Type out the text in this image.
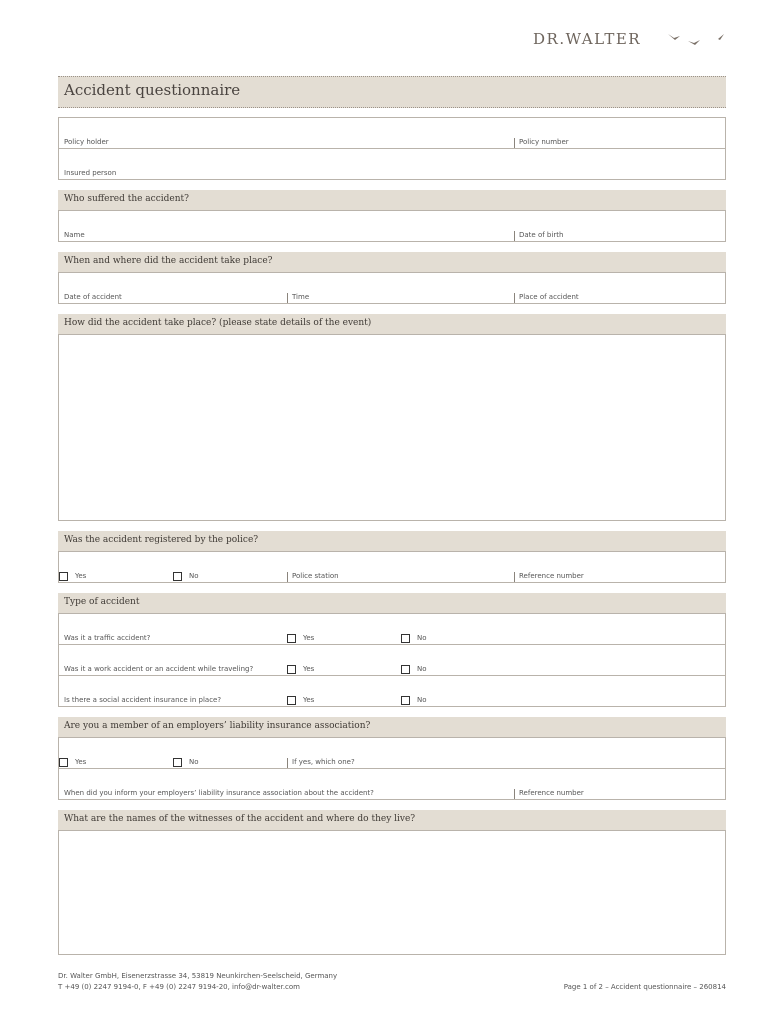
DR.WALTER
Accident questionnaire
Policy holder	Policy number
Insured person
Who suffered the accident?
Name	Date of birth
When and where did the accident take place?
Date of accident	Time	Place of accident
How did the accident take place? (please state details of the event)
Was the accident registered by the police?
Yes	No	Police station	Reference number
Type of accident
Was it a traffic accident?	Yes	No
Was it a work accident or an accident while traveling?	Yes	No
Is there a social accident insurance in place?	Yes	No
Are you a member of an employers’ liability insurance association?
Yes	No	If yes, which one?
When did you inform your employers’ liability insurance association about the accident?	Reference number
What are the names of the witnesses of the accident and where do they live?
Dr. Walter GmbH, Eisenerzstrasse 34, 53819 Neunkirchen-Seelscheid, Germany
T +49 (0) 2247 9194-0, F +49 (0) 2247 9194-20, info@dr-walter.com	Page 1 of 2 – Accident questionnaire – 260814
